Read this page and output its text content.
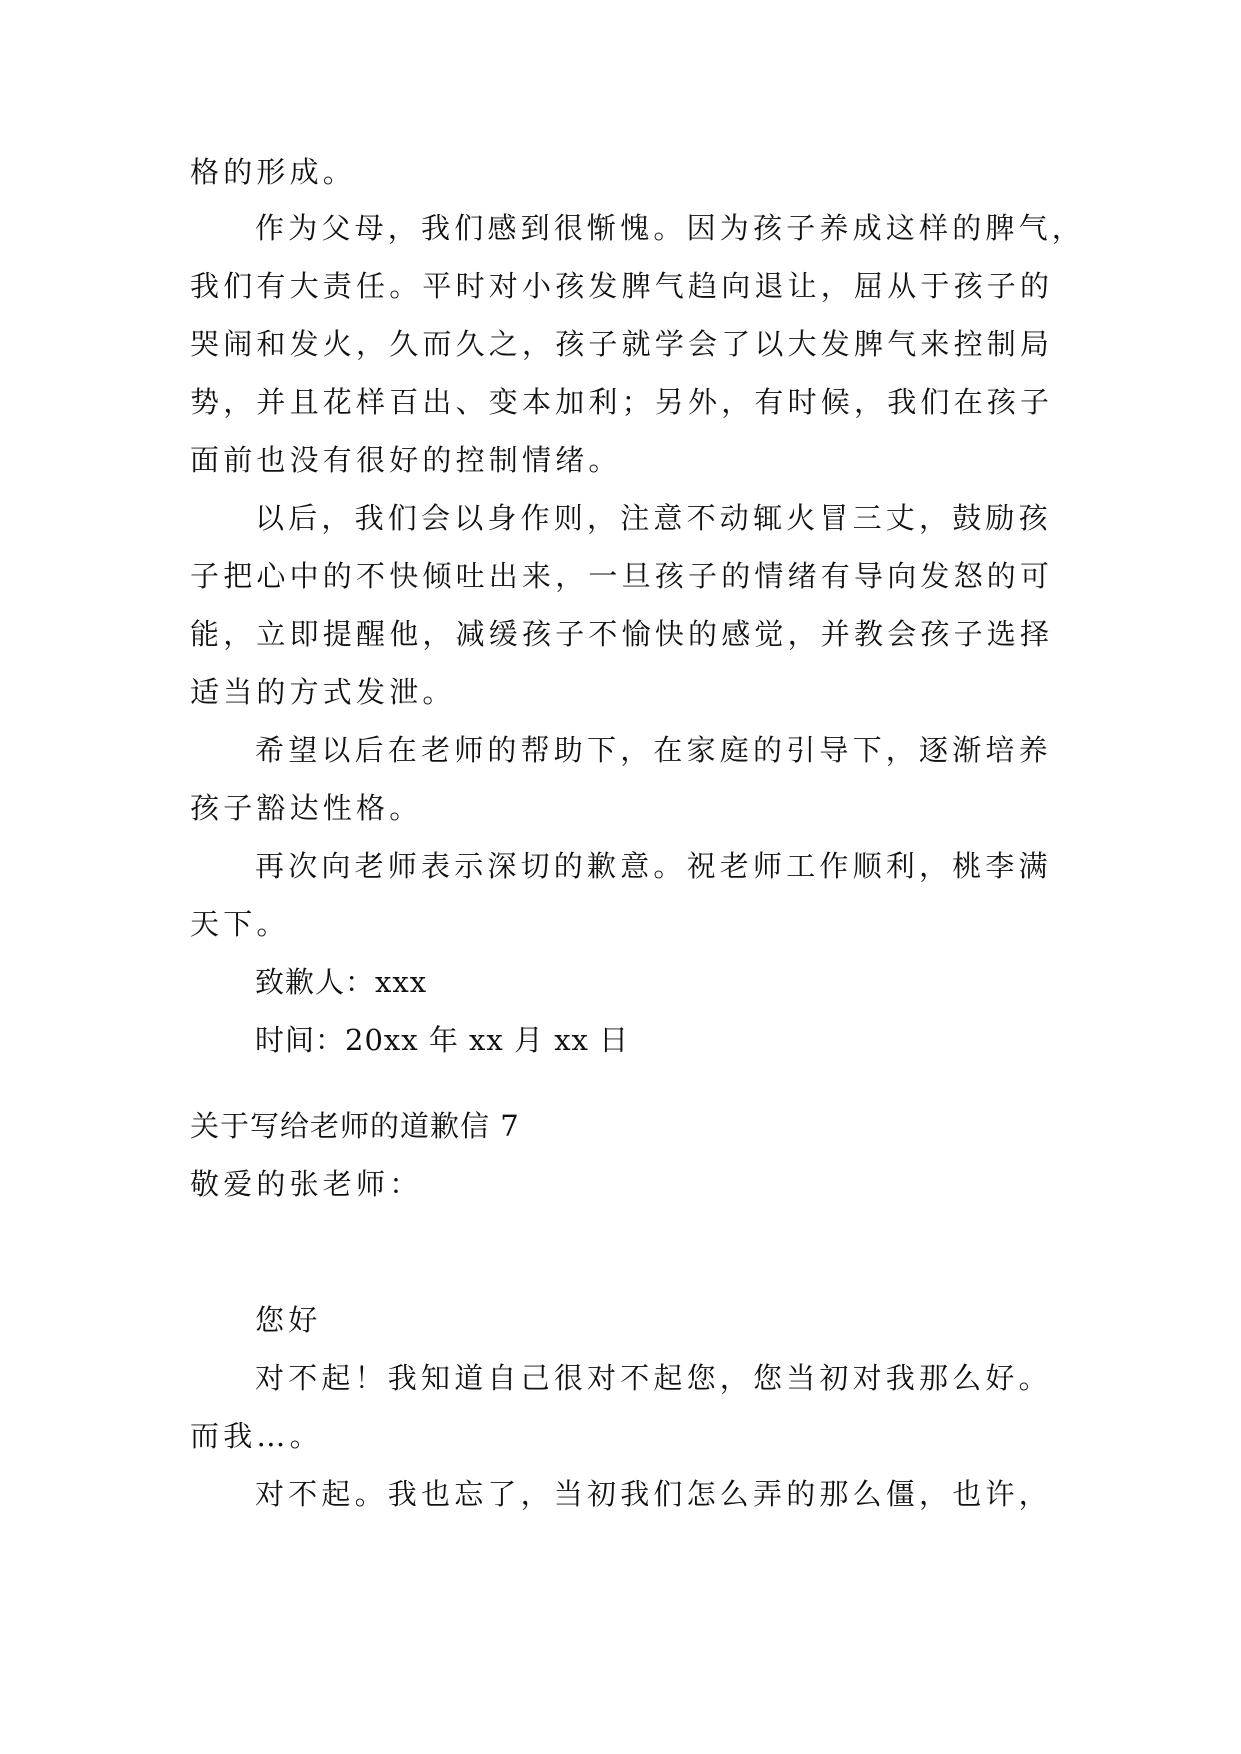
格的形成。
作为父母，我们感到很惭愧。因为孩子养成这样的脾气，
我们有大责任。平时对小孩发脾气趋向退让，屈从于孩子的
哭闹和发火，久而久之，孩子就学会了以大发脾气来控制局
势，并且花样百出、变本加利；另外，有时候，我们在孩子
面前也没有很好的控制情绪。
以后，我们会以身作则，注意不动辄火冒三丈，鼓励孩
子把心中的不快倾吐出来，一旦孩子的情绪有导向发怒的可
能，立即提醒他，减缓孩子不愉快的感觉，并教会孩子选择
适当的方式发泄。
希望以后在老师的帮助下，在家庭的引导下，逐渐培养
孩子豁达性格。
再次向老师表示深切的歉意。祝老师工作顺利，桃李满
天下。
致歉人：xxx
时间：20xx 年 xx 月 xx 日
关于写给老师的道歉信 7
敬爱的张老师：
您好
对不起！我知道自己很对不起您，您当初对我那么好。
而我…。
对不起。我也忘了，当初我们怎么弄的那么僵，也许，
